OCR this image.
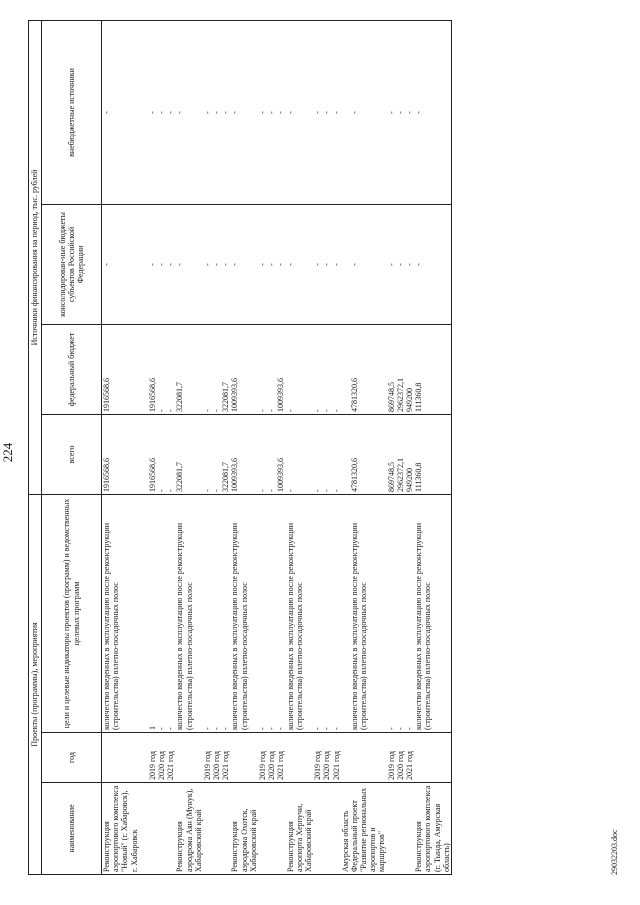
224
Проекты (программы), мероприятия			Источники финансирования на период, тыс. рублей			
наименование	год	цели и целевые индикаторы проектов (программ) и ведомственных целевых программ	всего	федеральный бюджет	консолидирован-ные бюджеты субъектов Российской Федерации	внебюджетные источники
Реконструкция аэропортового комплекса "Новый" (г. Хабаровск), г. Хабаровск		количество введенных в эксплуатацию после реконструкции (строительства) взлетно-посадочных полос	1916568,6	1916568,6	-	-

	2019 год	1	1916568,6	1916568,6	-	-
	2020 год	-	-	-	-	-
	2021 год	-	-	-	-	-
Реконструкция аэродрома Аян (Мунук), Хабаровский край		количество введенных в эксплуатацию после реконструкции (строительства) взлетно-посадочных полос	322081,7	322081,7	-	-
	2019 год	-	-	-	-	-
	2020 год	-	-	-	-	-
	2021 год	-	322081,7	322081,7	-	-
Реконструкция аэродрома Охотск, Хабаровский край		количество введенных в эксплуатацию после реконструкции (строительства) взлетно-посадочных полос	1009393,6	1009393,6	-	-
	2019 год	-	-	-	-	-
	2020 год	-	-	-	-	-
	2021 год	-	1009393,6	1009393,6	-	-
Реконструкция аэропорта Херпучи, Хабаровский край		количество введенных в эксплуатацию после реконструкции (строительства) взлетно-посадочных полос	-	-	-	-
	2019 год	-	-	-	-	-
	2020 год	-	-	-	-	-
	2021 год	-	-	-	-	-
Амурская область						
Федеральный проект "Развитие региональных аэропортов и маршрутов"		количество введенных в эксплуатацию после реконструкции (строительства) взлетно-посадочных полос	4781320,6	4781320,6	-	-
	2019 год	-	869748,5	869748,5	-	-
	2020 год	-	2962372,1	2962372,1	-	-
	2021 год	-	949200	949200	-	-
Реконструкция аэропортового комплекса (г. Тында, Амурская область)		количество введенных в эксплуатацию после реконструкции (строительства) взлетно-посадочных полос	111360,8	111360,8	-	-
29032203.doc
